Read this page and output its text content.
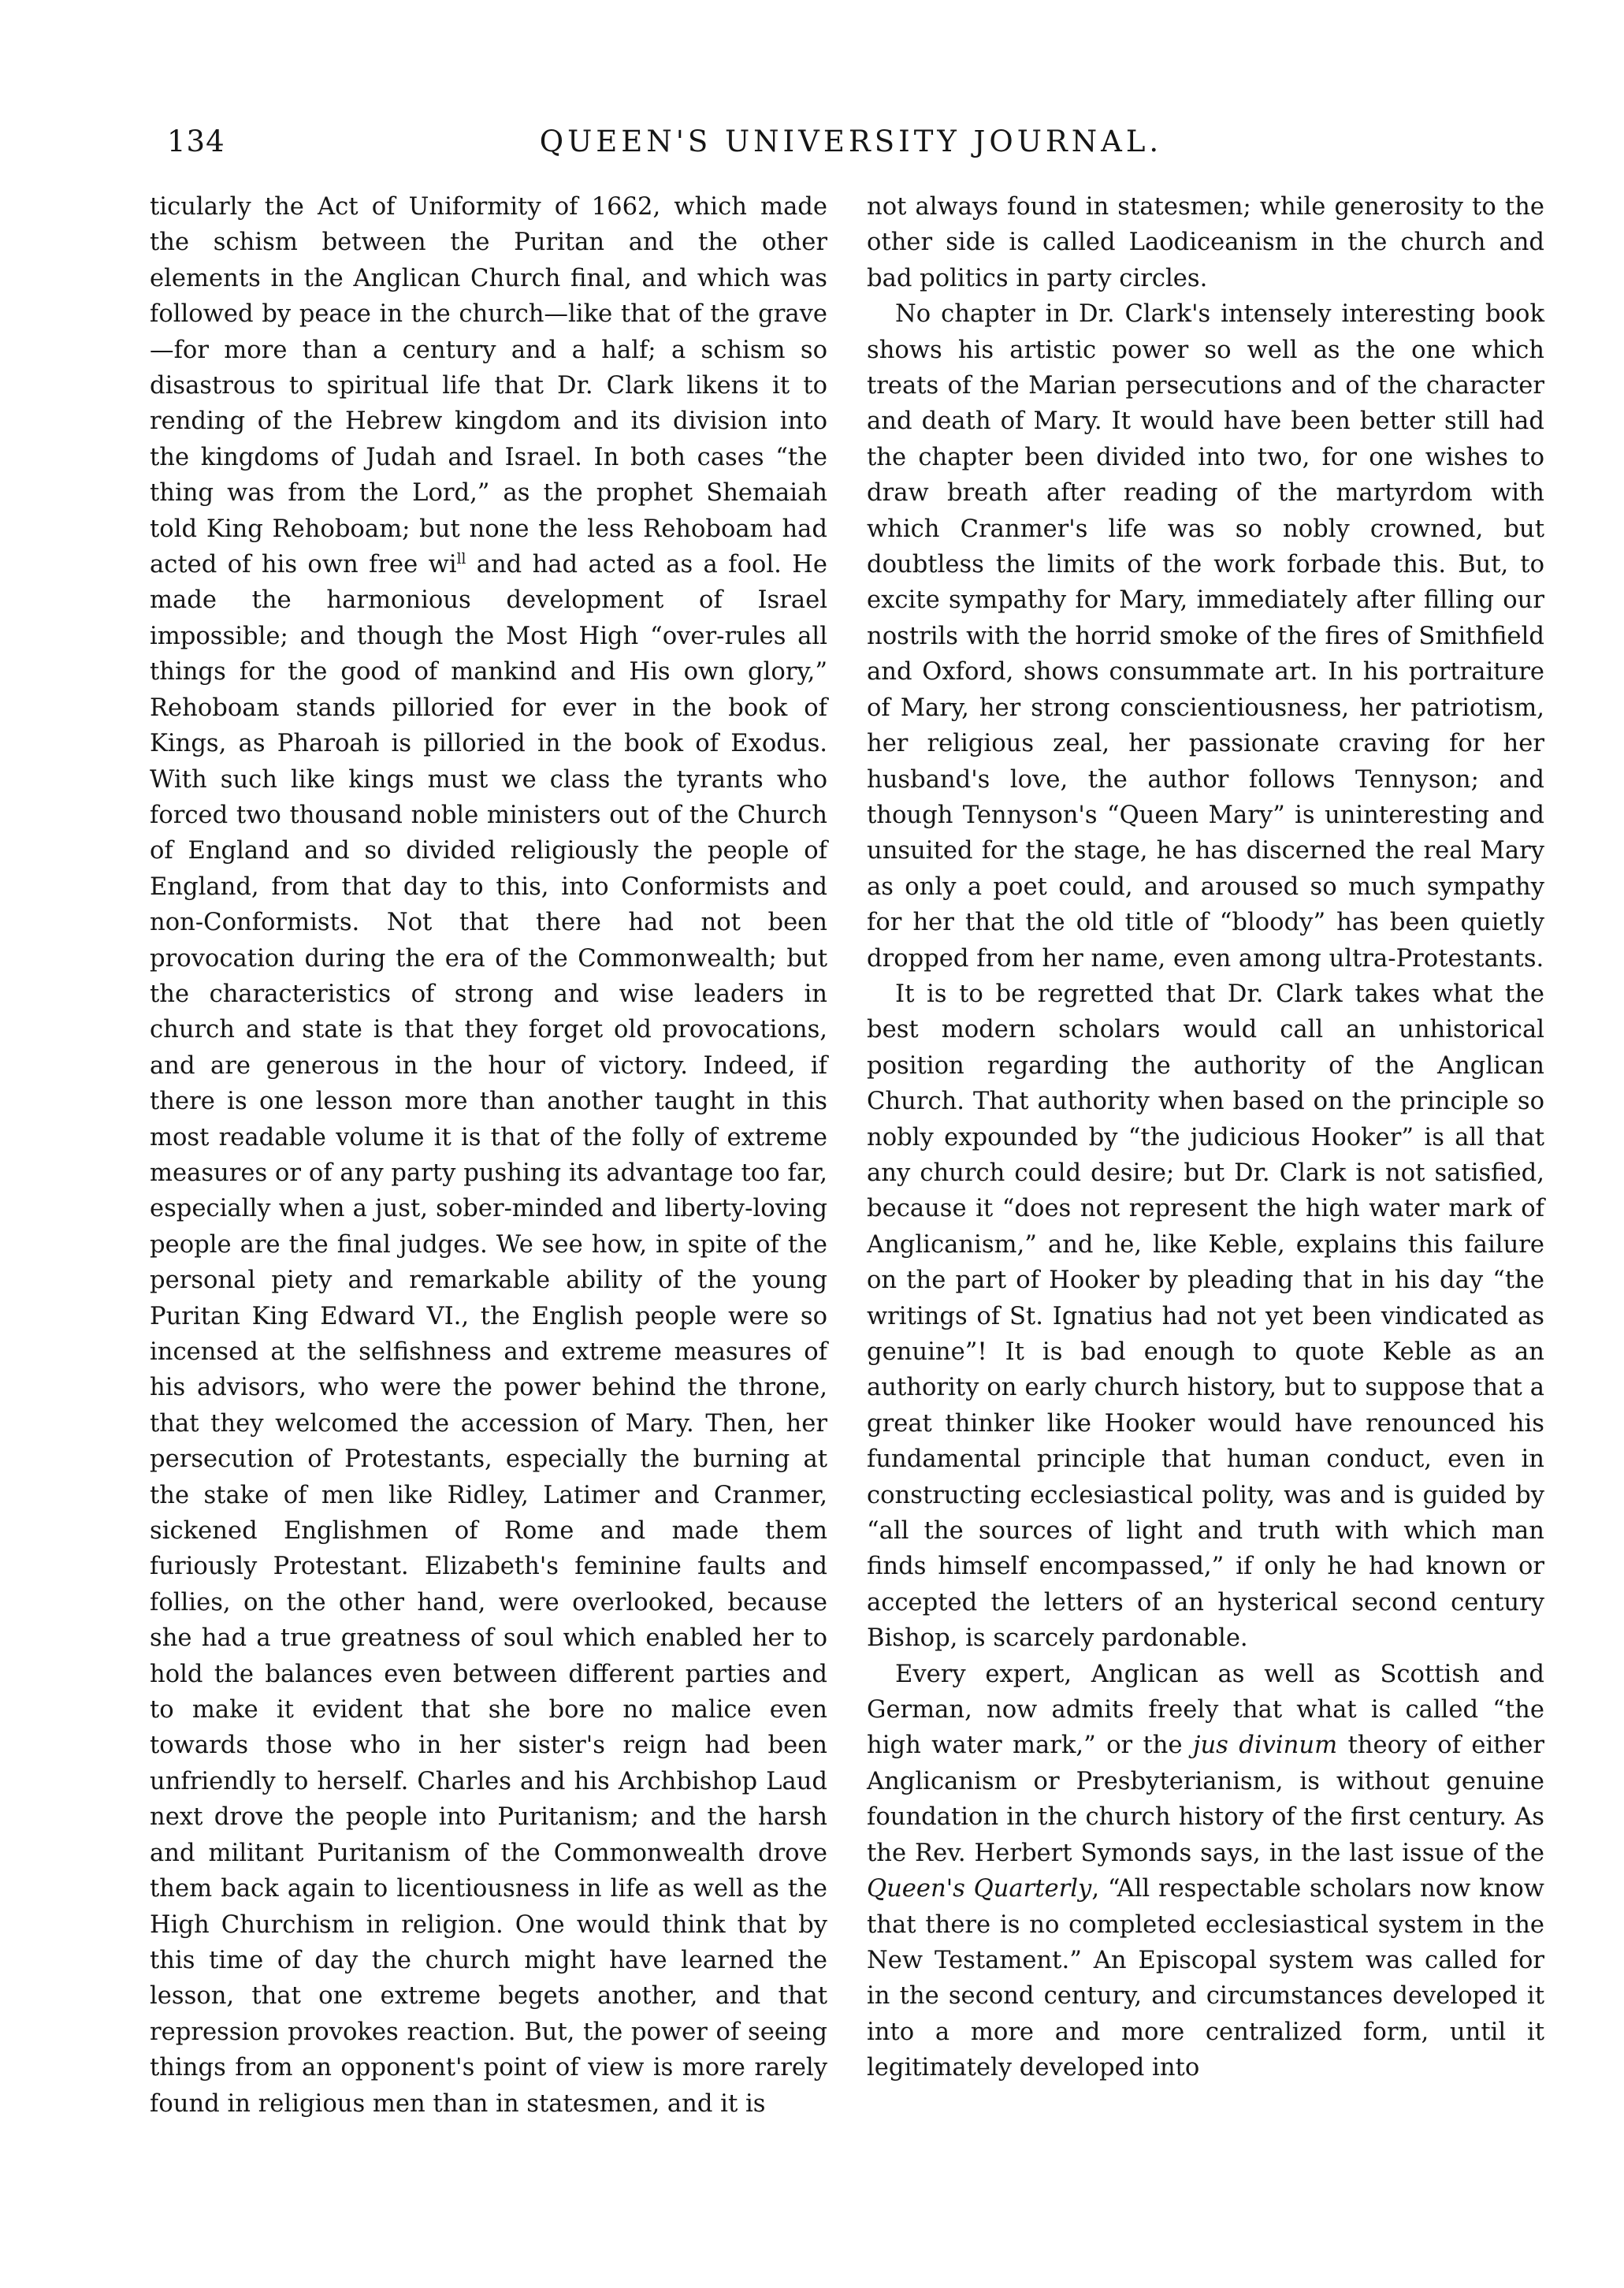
134	QUEEN'S UNIVERSITY JOURNAL.

ticularly the Act of Uniformity of 1662, which made the schism between the Puritan and the other elements in the Anglican Church final, and which was followed by peace in the church—like that of the grave—for more than a century and a half; a schism so disastrous to spiritual life that Dr. Clark likens it to rending of the Hebrew kingdom and its division into the kingdoms of Judah and Israel. In both cases “the thing was from the Lord,” as the prophet Shemaiah told King Rehoboam; but none the less Rehoboam had acted of his own free $wi^{ll}$ and had acted as a fool. He made the harmonious development of Israel impossible; and though the Most High “over-rules all things for the good of mankind and His own glory,” Rehoboam stands pilloried for ever in the book of Kings, as Pharoah is pilloried in the book of Exodus. With such like kings must we class the tyrants who forced two thousand noble ministers out of the Church of England and so divided religiously the people of England, from that day to this, into Conformists and non-Conformists. Not that there had not been provocation during the era of the Commonwealth; but the characteristics of strong and wise leaders in church and state is that they forget old provocations, and are generous in the hour of victory. Indeed, if there is one lesson more than another taught in this most readable volume it is that of the folly of extreme measures or of any party pushing its advantage too far, especially when a just, sober-minded and liberty-loving people are the final judges. We see how, in spite of the personal piety and remarkable ability of the young Puritan King Edward VI., the English people were so incensed at the selfishness and extreme measures of his advisors, who were the power behind the throne, that they welcomed the accession of Mary. Then, her persecution of Protestants, especially the burning at the stake of men like Ridley, Latimer and Cranmer, sickened Englishmen of Rome and made them furiously Protestant. Elizabeth's feminine faults and follies, on the other hand, were overlooked, because she had a true greatness of soul which enabled her to hold the balances even between different parties and to make it evident that she bore no malice even towards those who in her sister's reign had been unfriendly to herself. Charles and his Archbishop Laud next drove the people into Puritanism; and the harsh and militant Puritanism of the Commonwealth drove them back again to licentiousness in life as well as the High Churchism in religion. One would think that by this time of day the church might have learned the lesson, that one extreme begets another, and that repression provokes reaction. But, the power of seeing things from an opponent's point of view is more rarely found in religious men than in statesmen, and it is

not always found in statesmen; while generosity to the other side is called Laodiceanism in the church and bad politics in party circles.

No chapter in Dr. Clark's intensely interesting book shows his artistic power so well as the one which treats of the Marian persecutions and of the character and death of Mary. It would have been better still had the chapter been divided into two, for one wishes to draw breath after reading of the martyrdom with which Cranmer's life was so nobly crowned, but doubtless the limits of the work forbade this. But, to excite sympathy for Mary, immediately after filling our nostrils with the horrid smoke of the fires of Smithfield and Oxford, shows consummate art. In his portraiture of Mary, her strong conscientiousness, her patriotism, her religious zeal, her passionate craving for her husband's love, the author follows Tennyson; and though Tennyson's “Queen Mary” is uninteresting and unsuited for the stage, he has discerned the real Mary as only a poet could, and aroused so much sympathy for her that the old title of “bloody” has been quietly dropped from her name, even among ultra-Protestants.

It is to be regretted that Dr. Clark takes what the best modern scholars would call an unhistorical position regarding the authority of the Anglican Church. That authority when based on the principle so nobly expounded by “the judicious Hooker” is all that any church could desire; but Dr. Clark is not satisfied, because it “does not represent the high water mark of Anglicanism,” and he, like Keble, explains this failure on the part of Hooker by pleading that in his day “the writings of St. Ignatius had not yet been vindicated as genuine”! It is bad enough to quote Keble as an authority on early church history, but to suppose that a great thinker like Hooker would have renounced his fundamental principle that human conduct, even in constructing ecclesiastical polity, was and is guided by “all the sources of light and truth with which man finds himself encompassed,” if only he had known or accepted the letters of an hysterical second century Bishop, is scarcely pardonable.

Every expert, Anglican as well as Scottish and German, now admits freely that what is called “the high water mark,” or the jus divinum theory of either Anglicanism or Presbyterianism, is without genuine foundation in the church history of the first century. As the Rev. Herbert Symonds says, in the last issue of the Queen's Quarterly, “All respectable scholars now know that there is no completed ecclesiastical system in the New Testament.” An Episcopal system was called for in the second century, and circumstances developed it into a more and more centralized form, until it legitimately developed into
